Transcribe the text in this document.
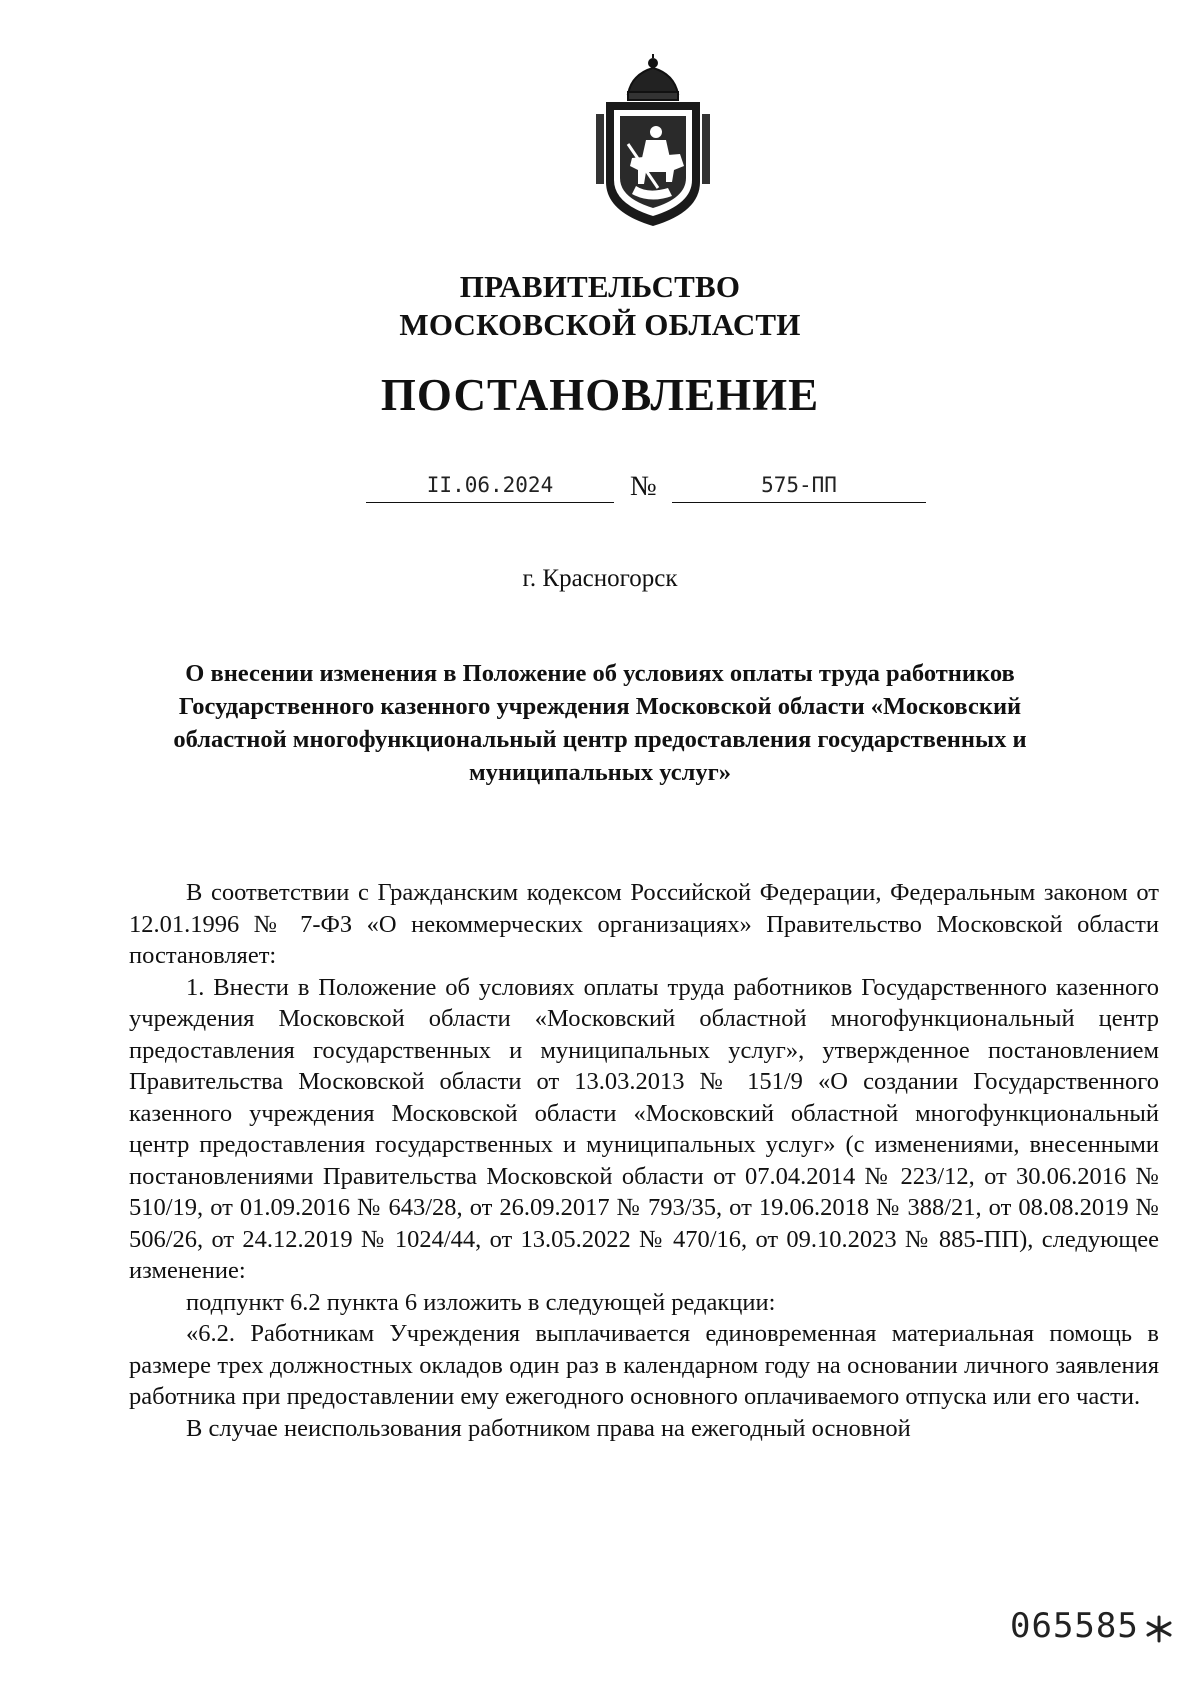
ПРАВИТЕЛЬСТВО
МОСКОВСКОЙ ОБЛАСТИ
ПОСТАНОВЛЕНИЕ
II.06.2024	№	575-ПП
г. Красногорск
О внесении изменения в Положение об условиях оплаты труда работников Государственного казенного учреждения Московской области «Московский областной многофункциональный центр предоставления государственных и муниципальных услуг»

В соответствии с Гражданским кодексом Российской Федерации, Федеральным законом от 12.01.1996 № 7-ФЗ «О некоммерческих организациях» Правительство Московской области постановляет:

1. Внести в Положение об условиях оплаты труда работников Государственного казенного учреждения Московской области «Московский областной многофункциональный центр предоставления государственных и муниципальных услуг», утвержденное постановлением Правительства Московской области от 13.03.2013 № 151/9 «О создании Государственного казенного учреждения Московской области «Московский областной многофункциональный центр предоставления государственных и муниципальных услуг» (с изменениями, внесенными постановлениями Правительства Московской области от 07.04.2014 № 223/12, от 30.06.2016 № 510/19, от 01.09.2016 № 643/28, от 26.09.2017 № 793/35, от 19.06.2018 № 388/21, от 08.08.2019 № 506/26, от 24.12.2019 № 1024/44, от 13.05.2022 № 470/16, от 09.10.2023 № 885-ПП), следующее изменение:

подпункт 6.2 пункта 6 изложить в следующей редакции:

«6.2. Работникам Учреждения выплачивается единовременная материальная помощь в размере трех должностных окладов один раз в календарном году на основании личного заявления работника при предоставлении ему ежегодного основного оплачиваемого отпуска или его части.

В случае неиспользования работником права на ежегодный основной

065585
